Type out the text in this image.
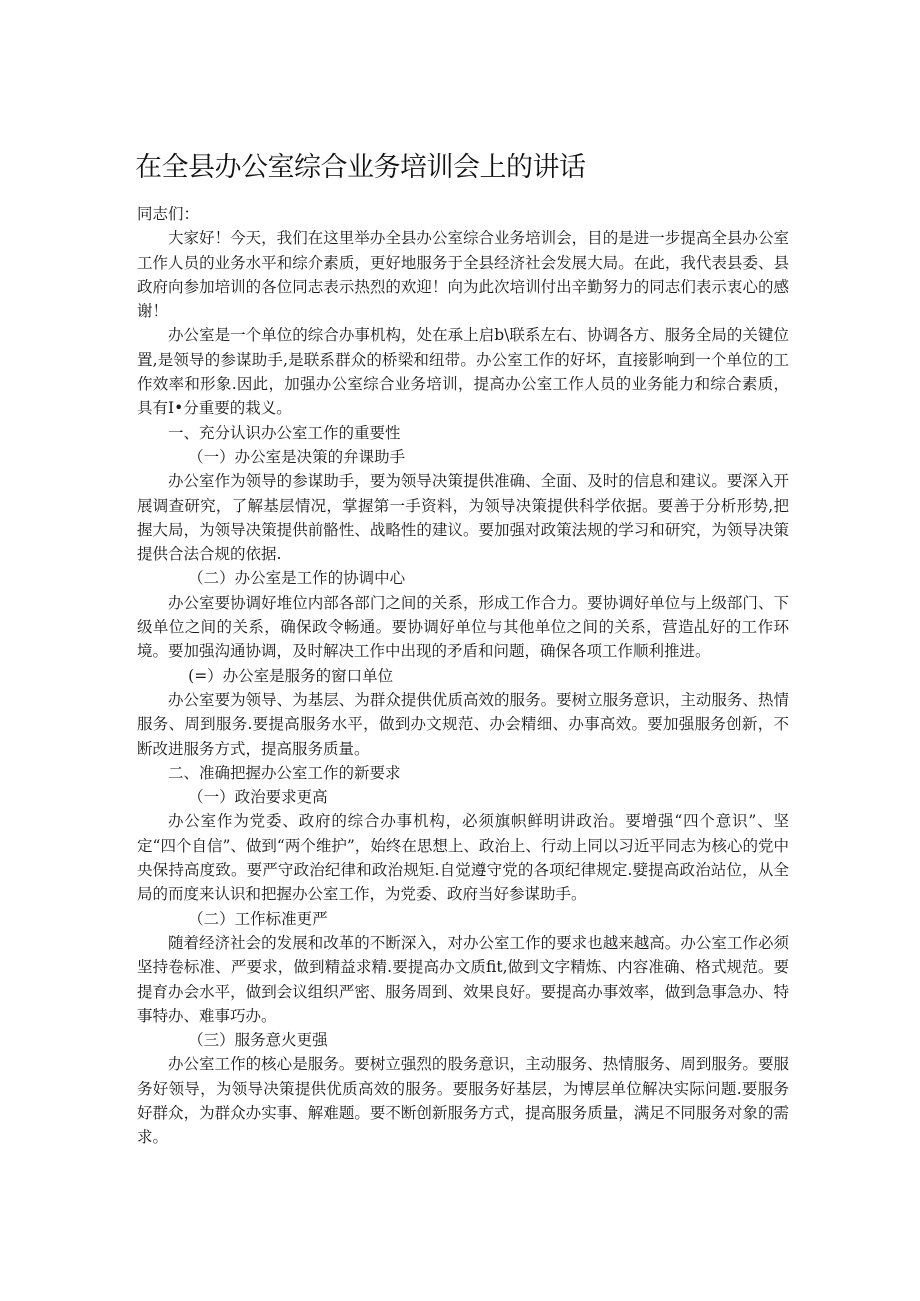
在全县办公室综合业务培训会上的讲话

同志们：

大家好！今天，我们在这里举办全县办公室综合业务培训会，目的是进一步提高全县办公室工作人员的业务水平和综介素质，更好地服务于全县经济社会发展大局。在此，我代表县委、县政府向参加培训的各位同志表示热烈的欢迎！向为此次培训付出辛勤努力的同志们表示衷心的感谢！

办公室是一个单位的综合办事机构，处在承上启b\联系左右、协调各方、服务全局的关键位置,是领导的参谋助手,是联系群众的桥梁和纽带。办公室工作的好坏，直接影响到一个单位的工作效率和形象.因此，加强办公室综合业务培训，提高办公室工作人员的业务能力和综合素质，具有I•分重要的栽义。

一、充分认识办公室工作的重要性

（一）办公室是决策的弁课助手

办公室作为领导的参谋助手，要为领导决策提供准确、全面、及时的信息和建议。要深入开展调查研究，了解基层情况，掌握第一手资料，为领导决策提供科学依据。要善于分析形势,把握大局，为领导决策提供前骼性、战略性的建议。要加强对政策法规的学习和研究，为领导决策提供合法合规的依据.

（二）办公室是工作的协调中心

办公室要协调好堆位内部各部门之间的关系，形成工作合力。要协调好单位与上级部门、下级单位之间的关系，确保政令畅通。要协调好单位与其他单位之间的关系，营造乩好的工作环境。要加强沟通协调，及时解决工作中出现的矛盾和问题，确保各项工作顺利推进。

(=）办公室是服务的窗口单位

办公室要为领导、为基层、为群众提供优质高效的服务。要树立服务意识，主动服务、热情服务、周到服务.要提高服务水平，做到办文规范、办会精细、办事高效。要加强服务创新，不断改进服务方式，提高服务质量。

二、准确把握办公室工作的新要求

（一）政治要求更高

办公室作为党委、政府的综合办事机构，必须旗帜鲜明讲政治。要增强“四个意识”、坚定“四个自信”、做到“两个维护”，始终在思想上、政治上、行动上同以习近平同志为核心的党中央保持高度致。要严守政治纪律和政治规矩.自觉遵守党的各项纪律规定.嬖提高政治站位，从全局的而度来认识和把握办公室工作，为党委、政府当好参谋助手。

（二）工作标准更严

随着经济社会的发展和改革的不断深入，对办公室工作的要求也越来越高。办公室工作必须坚持卷标准、严要求，做到精益求精.要提高办文质fit,做到文字精炼、内容准确、格式规范。要提育办会水平，做到会议组织严密、服务周到、效果良好。要提高办事效率，做到急事急办、特事特办、难事巧办。

（三）服务意火更强

办公室工作的核心是服务。要树立强烈的股务意识，主动服务、热情服务、周到服务。要服务好领导，为领导决策提供优质高效的服务。要服务好基层，为博层单位解决实际问题.要服务好群众，为群众办实事、解难题。要不断创新服务方式，提高服务质量，满足不同服务对象的需求。
